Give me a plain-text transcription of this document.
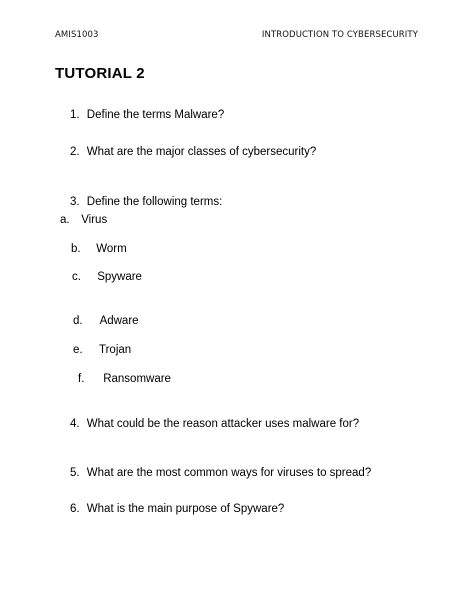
AMIS1003	INTRODUCTION TO CYBERSECURITY
TUTORIAL 2
1. Define the terms Malware?
2. What are the major classes of cybersecurity?
3. Define the following terms:
a. Virus
b. Worm
c. Spyware
d. Adware
e. Trojan
f. Ransomware
4. What could be the reason attacker uses malware for?
5. What are the most common ways for viruses to spread?
6. What is the main purpose of Spyware?
